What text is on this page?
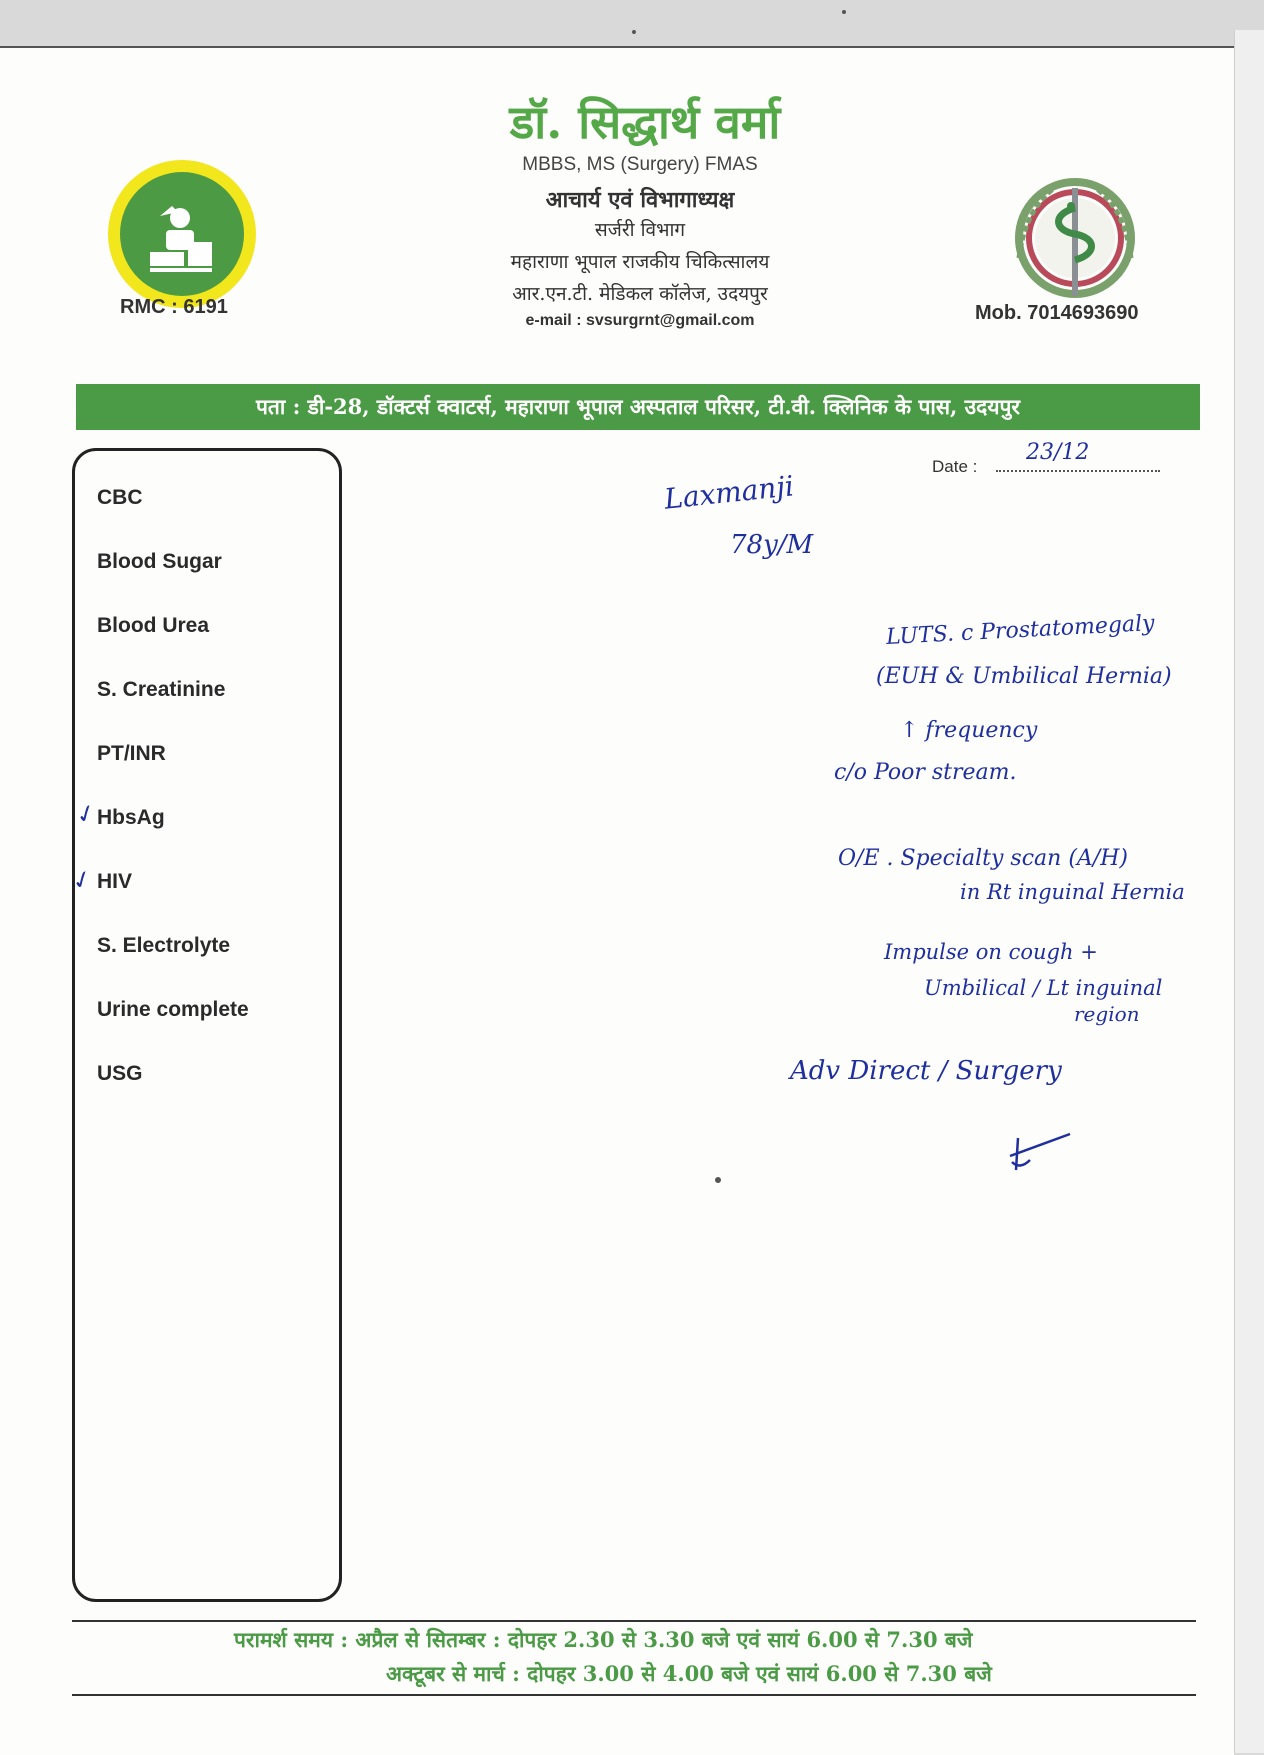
डॉ. सिद्धार्थ वर्मा
MBBS, MS (Surgery) FMAS
आचार्य एवं विभागाध्यक्ष
सर्जरी विभाग
महाराणा भूपाल राजकीय चिकित्सालय
आर.एन.टी. मेडिकल कॉलेज, उदयपुर
e-mail : svsurgrnt@gmail.com
RMC : 6191	Mob. 7014693690
पता : डी-28, डॉक्टर्स क्वाटर्स, महाराणा भूपाल अस्पताल परिसर, टी.वी. क्लिनिक के पास, उदयपुर
Date :
23/12
CBC
Blood Sugar
Blood Urea
S. Creatinine
PT/INR
HbsAg
HIV
S. Electrolyte
Urine complete
USG
✓
✓
Laxmanji
78y/M
LUTS. c Prostatomegaly
(EUH & Umbilical Hernia)
↑ frequency
c/o Poor stream.
O/E . Specialty scan (A/H)
in Rt inguinal Hernia
Impulse on cough +
Umbilical / Lt inguinal
region
Adv Direct / Surgery
परामर्श समय : अप्रैल से सितम्बर : दोपहर 2.30 से 3.30 बजे एवं सायं 6.00 से 7.30 बजे
अक्टूबर से मार्च : दोपहर 3.00 से 4.00 बजे एवं सायं 6.00 से 7.30 बजे
